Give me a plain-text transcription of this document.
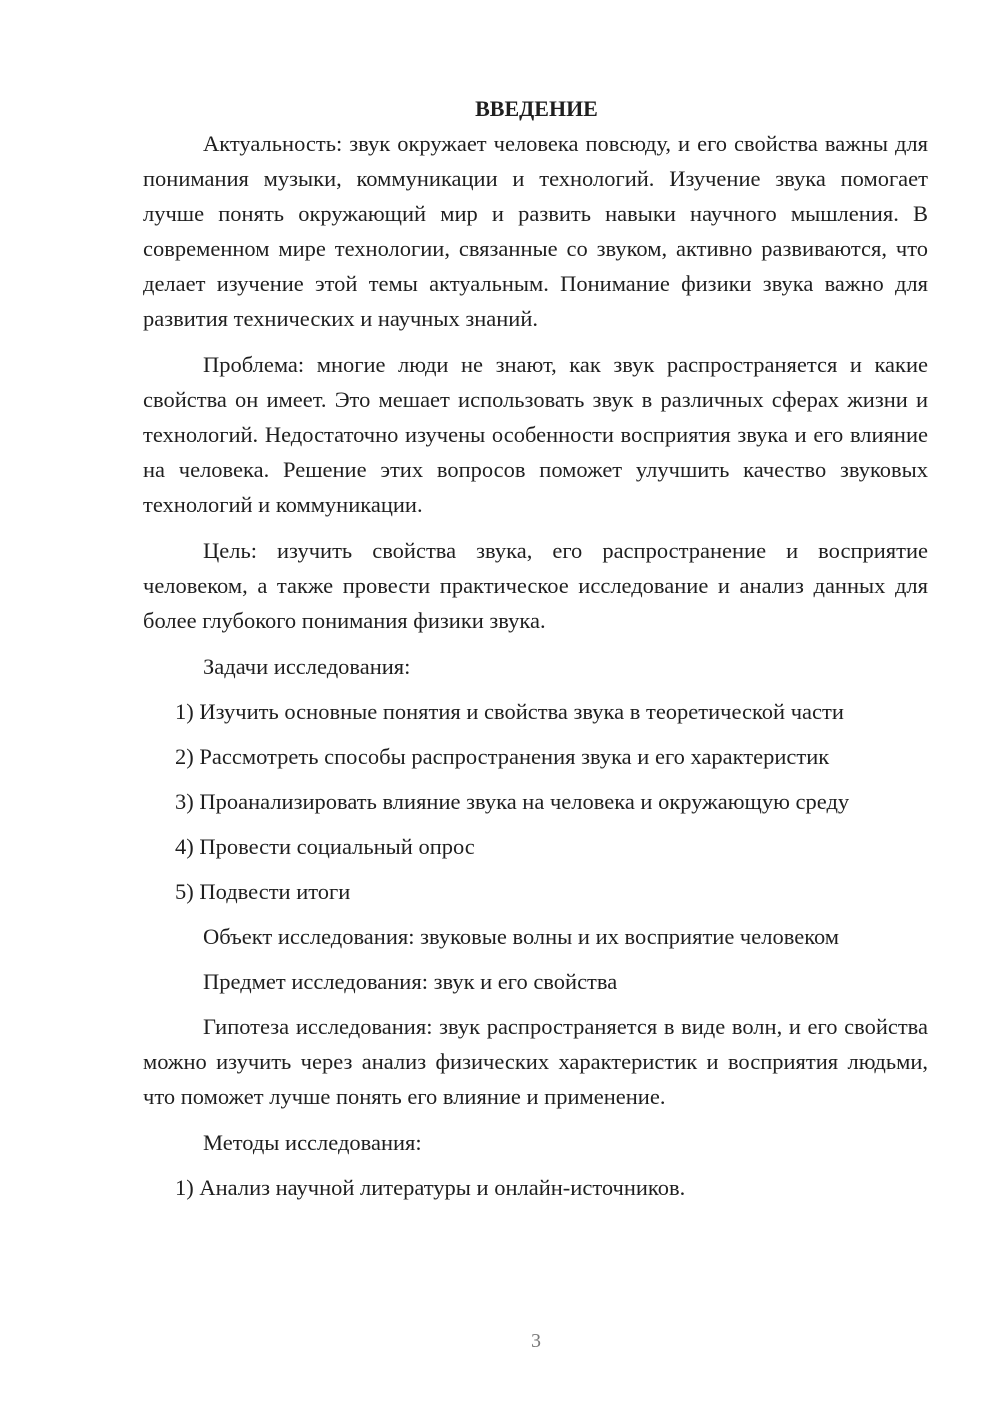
ВВЕДЕНИЕ

Актуальность: звук окружает человека повсюду, и его свойства важны для понимания музыки, коммуникации и технологий. Изучение звука помогает лучше понять окружающий мир и развить навыки научного мышления. В современном мире технологии, связанные со звуком, активно развиваются, что делает изучение этой темы актуальным. Понимание физики звука важно для развития технических и научных знаний.

Проблема: многие люди не знают, как звук распространяется и какие свойства он имеет. Это мешает использовать звук в различных сферах жизни и технологий. Недостаточно изучены особенности восприятия звука и его влияние на человека. Решение этих вопросов поможет улучшить качество звуковых технологий и коммуникации.

Цель: изучить свойства звука, его распространение и восприятие человеком, а также провести практическое исследование и анализ данных для более глубокого понимания физики звука.

Задачи исследования:

1) Изучить основные понятия и свойства звука в теоретической части

2) Рассмотреть способы распространения звука и его характеристик

3) Проанализировать влияние звука на человека и окружающую среду

4) Провести социальный опрос

5) Подвести итоги

Объект исследования: звуковые волны и их восприятие человеком

Предмет исследования: звук и его свойства

Гипотеза исследования: звук распространяется в виде волн, и его свойства можно изучить через анализ физических характеристик и восприятия людьми, что поможет лучше понять его влияние и применение.

Методы исследования:

1) Анализ научной литературы и онлайн-источников.

3
